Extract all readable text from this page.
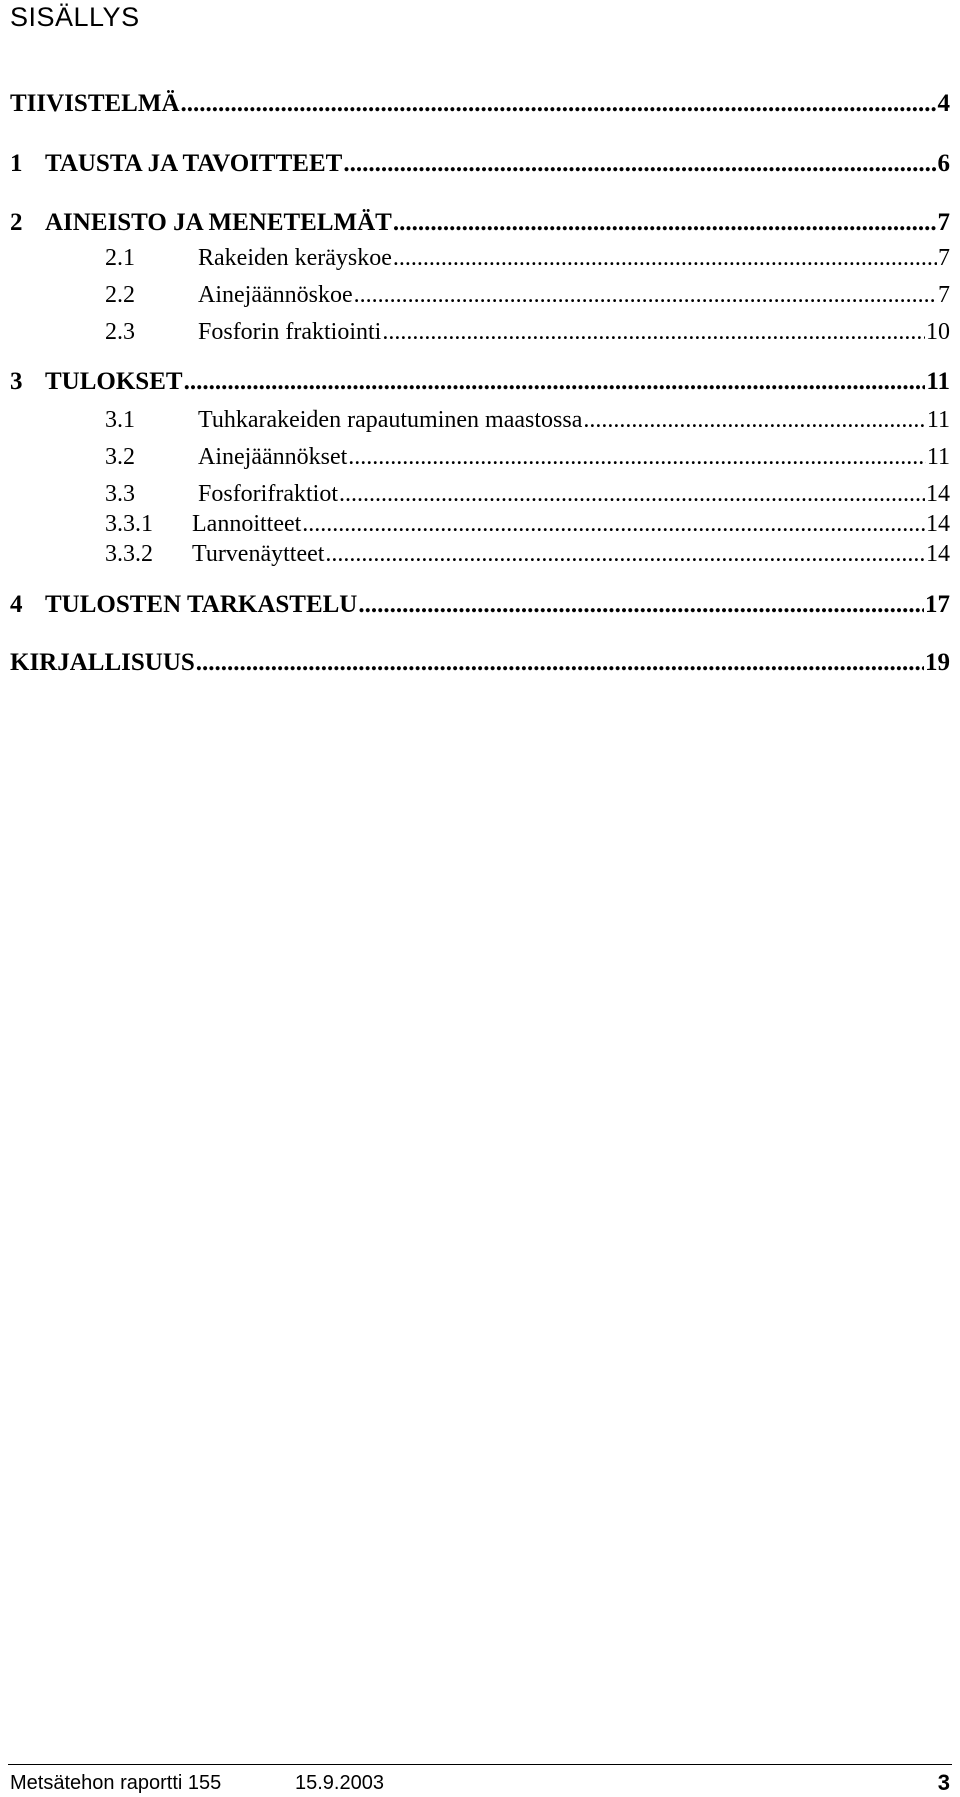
SISÄLLYS
TIIVISTELMÄ .....	4
1 TAUSTA JA TAVOITTEET .....	6
2 AINEISTO JA MENETELMÄT .....	7
2.1	Rakeiden keräyskoe .....	7
2.2	Ainejäännöskoe .....	7
2.3	Fosforin fraktiointi .....	10
3 TULOKSET .....	11
3.1	Tuhkarakeiden rapautuminen maastossa .....	11
3.2	Ainejäännökset .....	11
3.3	Fosforifraktiot .....	14
3.3.1	Lannoitteet .....	14
3.3.2	Turvenäytteet .....	14
4 TULOSTEN TARKASTELU .....	17
KIRJALLISUUS .....	19
Metsätehon raportti 155	15.9.2003	3
